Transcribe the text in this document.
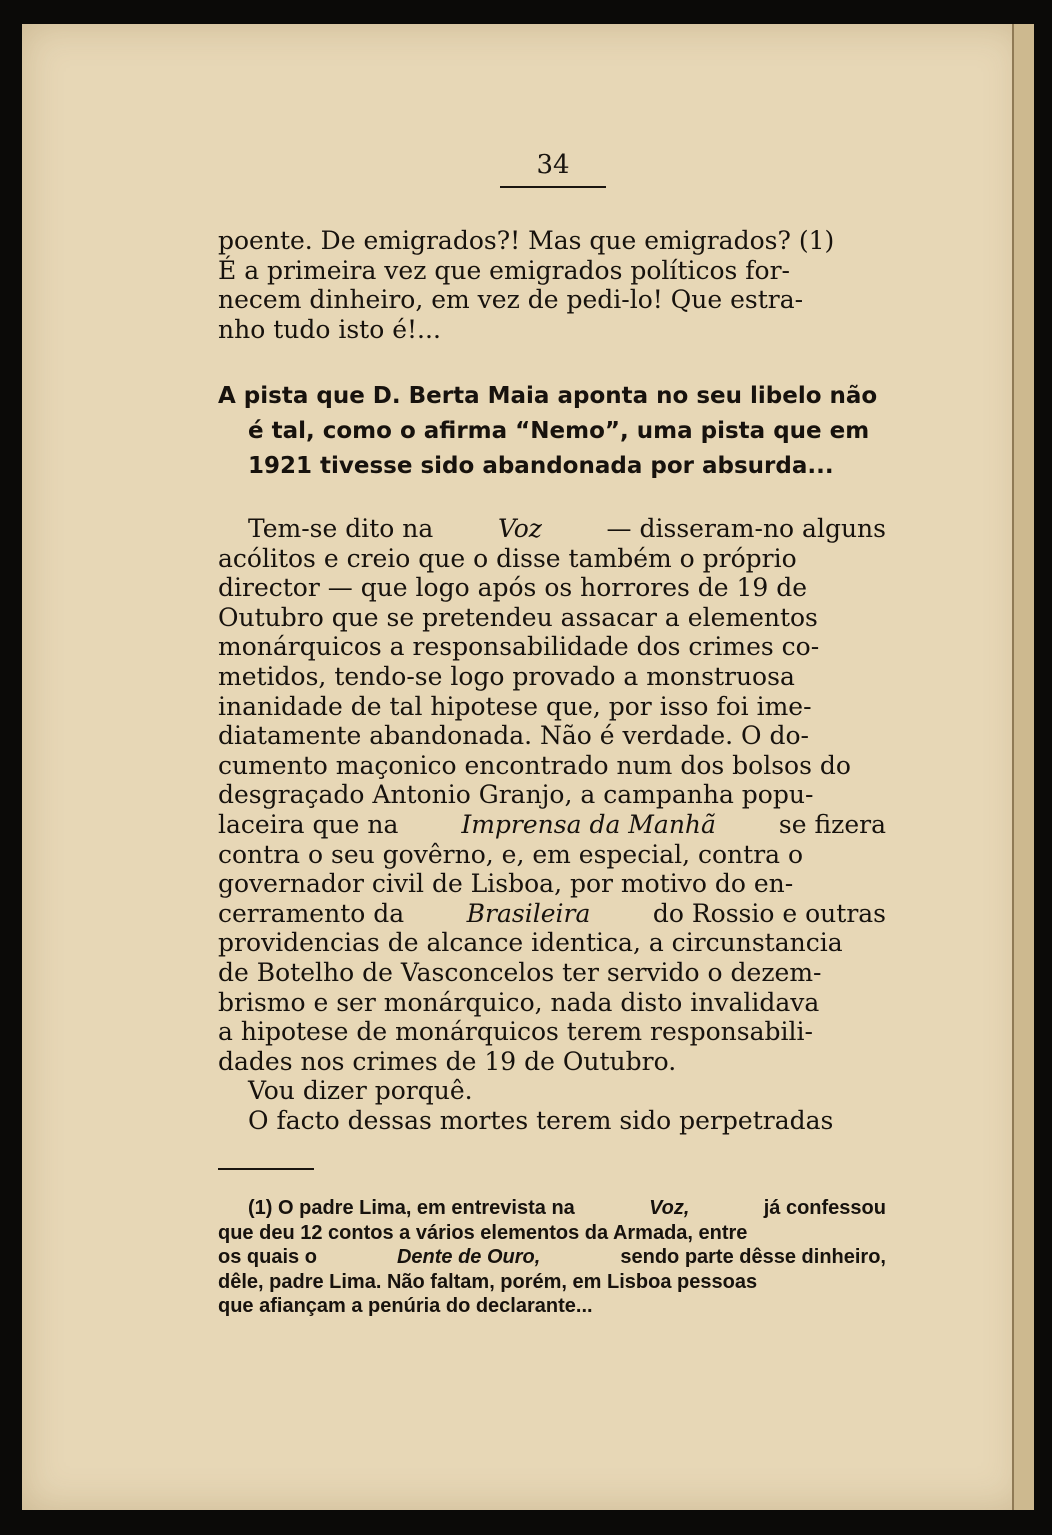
34
poente. De emigrados?! Mas que emigrados? (1)
É a primeira vez que emigrados políticos for-
necem dinheiro, em vez de pedi-lo! Que estra-
nho tudo isto é!...
A pista que D. Berta Maia aponta no seu libelo não
é tal, como o afirma “Nemo”, uma pista que em
1921 tivesse sido abandonada por absurda...
Tem-se dito na	Voz	— disseram-no alguns
acólitos e creio que o disse também o próprio
director — que logo após os horrores de 19 de
Outubro que se pretendeu assacar a elementos
monárquicos a responsabilidade dos crimes co-
metidos, tendo-se logo provado a monstruosa
inanidade de tal hipotese que, por isso foi ime-
diatamente abandonada. Não é verdade. O do-
cumento maçonico encontrado num dos bolsos do
desgraçado Antonio Granjo, a campanha popu-
laceira que na	Imprensa da Manhã	se fizera
contra o seu govêrno, e, em especial, contra o
governador civil de Lisboa, por motivo do en-
cerramento da Brasileira do Rossio e outras
providencias de alcance identica, a circunstancia
de Botelho de Vasconcelos ter servido o dezem-
brismo e ser monárquico, nada disto invalidava
a hipotese de monárquicos terem responsabili-
dades nos crimes de 19 de Outubro.
Vou dizer porquê.
O facto dessas mortes terem sido perpetradas
(1) O padre Lima, em entrevista na	Voz,	já confessou
que deu 12 contos a vários elementos da Armada, entre
os quais o	Dente de Ouro,	sendo parte dêsse dinheiro,
dêle, padre Lima. Não faltam, porém, em Lisboa pessoas
que afiançam a penúria do declarante...
